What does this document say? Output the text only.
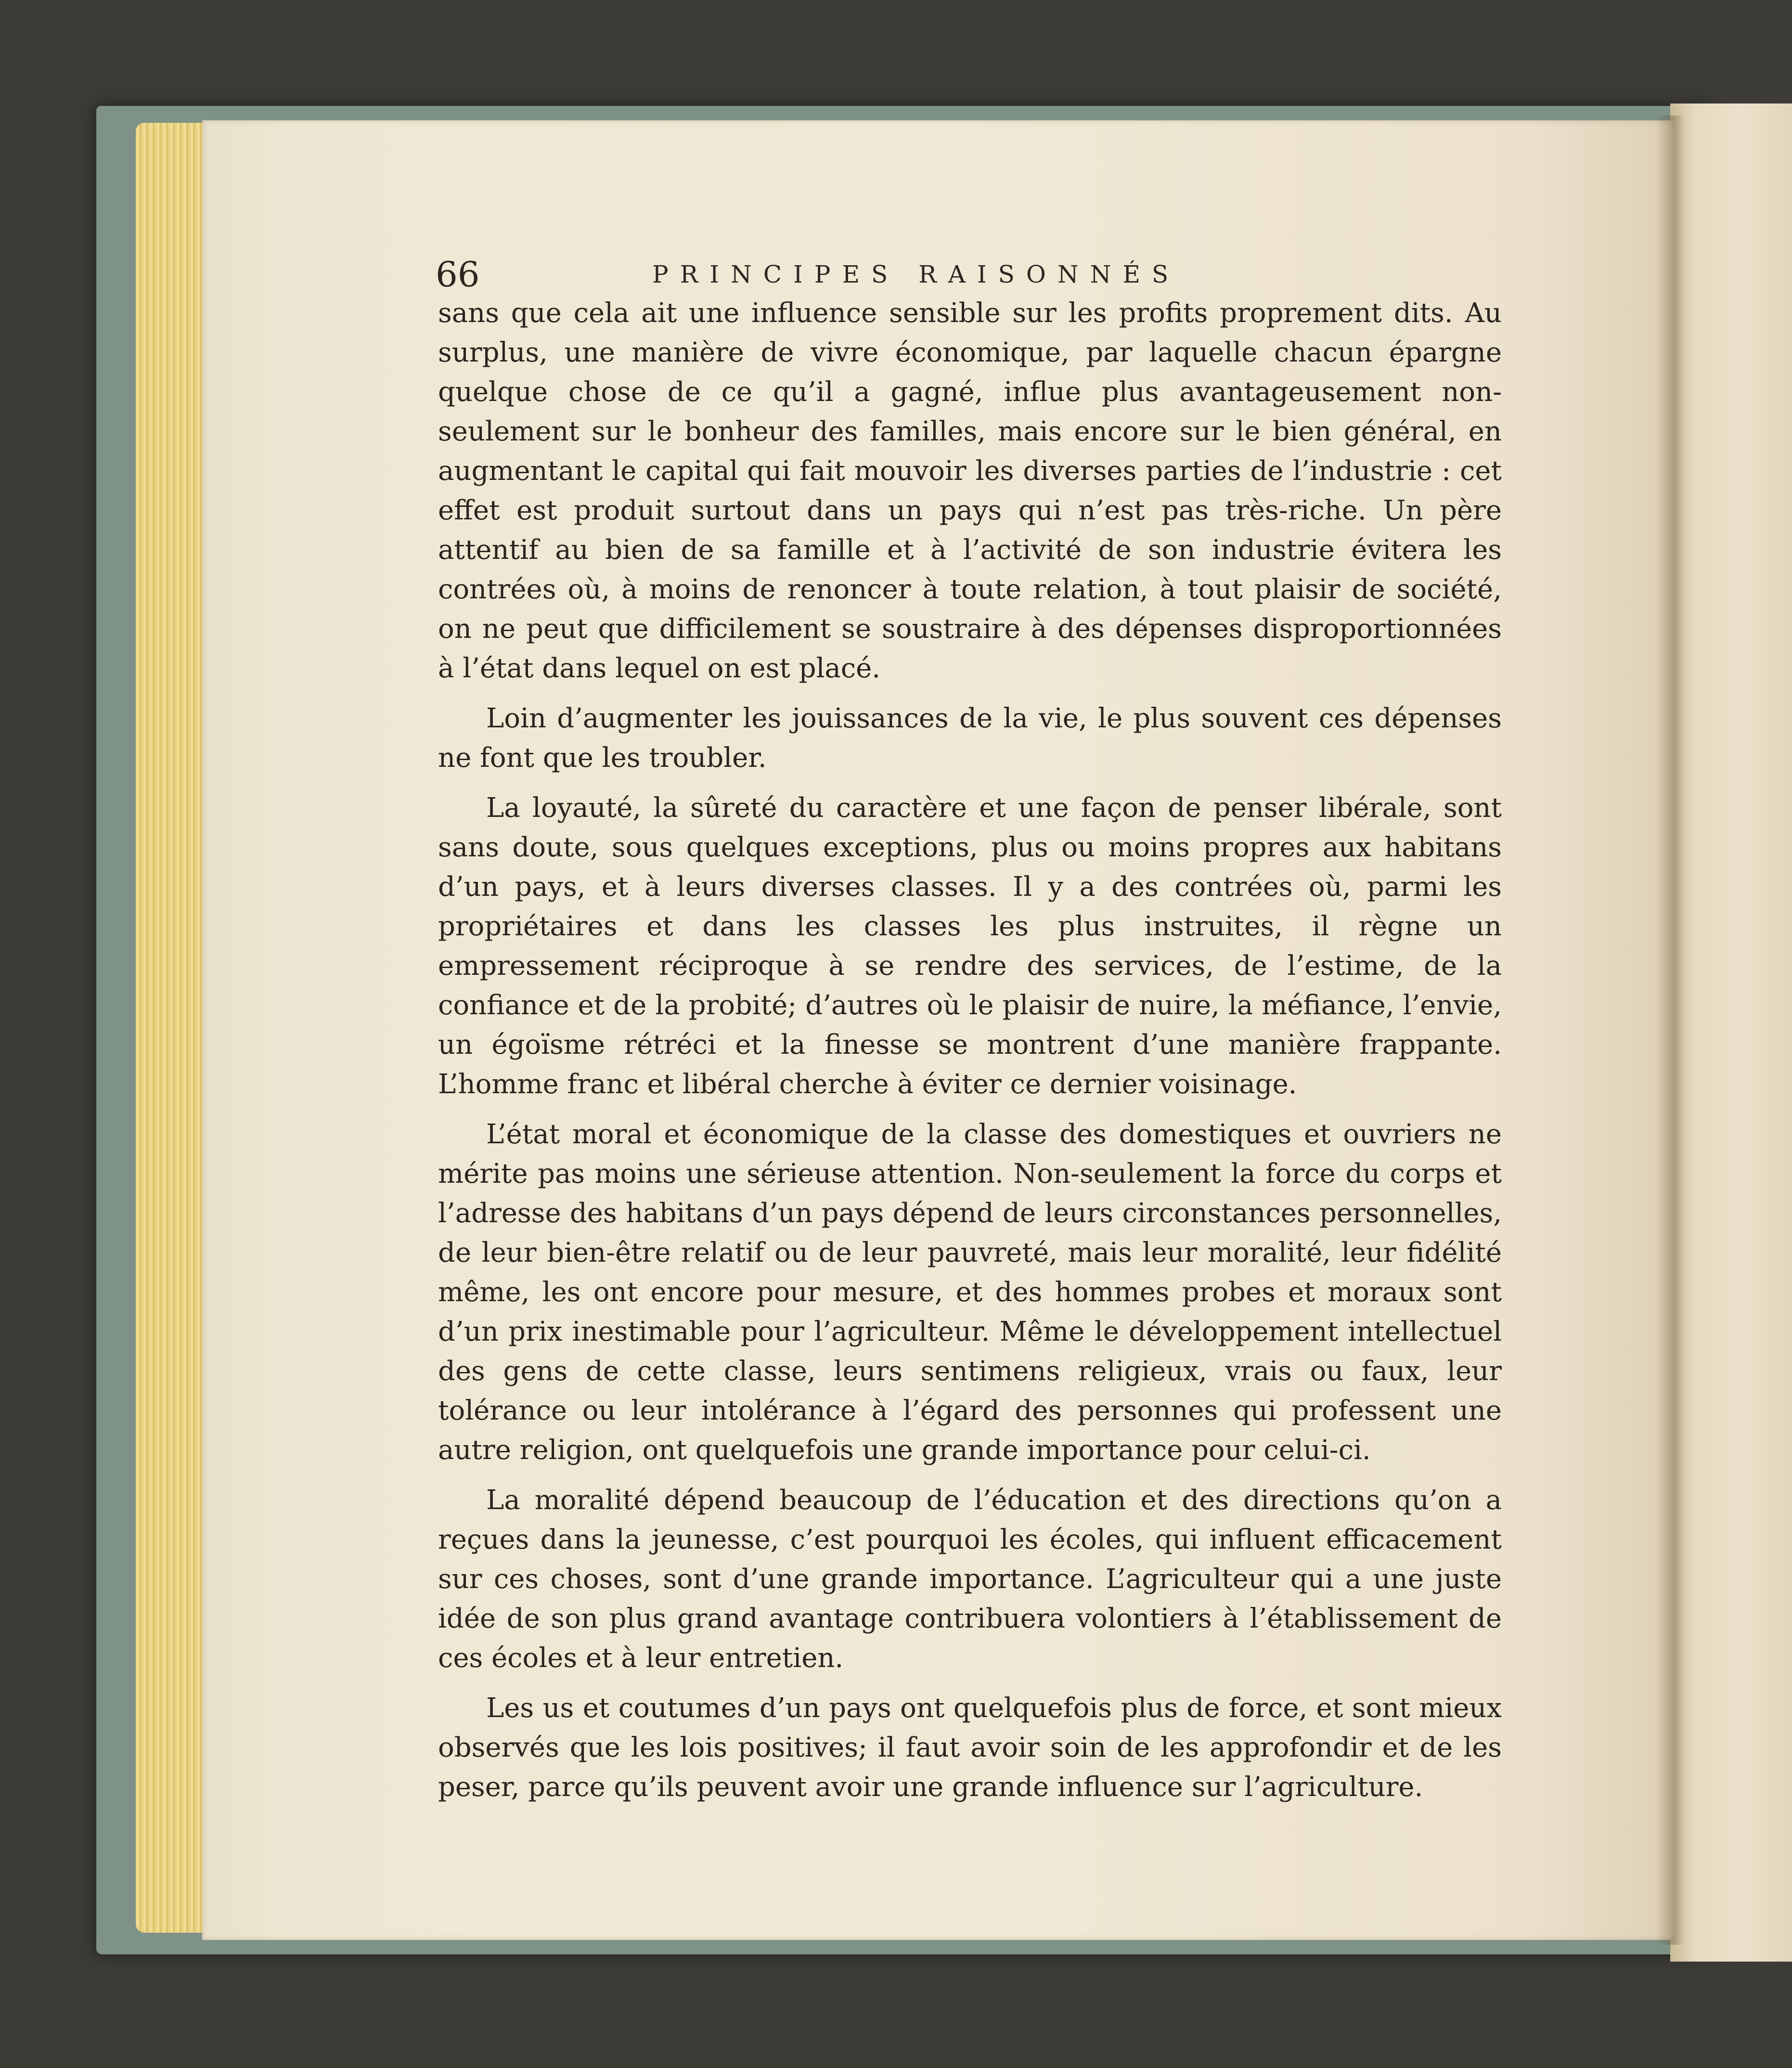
66	PRINCIPES RAISONNÉS

sans que cela ait une influence sensible sur les profits proprement dits. Au surplus, une manière de vivre économique, par laquelle chacun épargne quelque chose de ce qu’il a gagné, influe plus avantageusement non-seulement sur le bonheur des familles, mais encore sur le bien général, en augmentant le capital qui fait mouvoir les diverses parties de l’industrie : cet effet est produit surtout dans un pays qui n’est pas très-riche. Un père attentif au bien de sa famille et à l’activité de son industrie évitera les contrées où, à moins de renoncer à toute relation, à tout plaisir de société, on ne peut que difficilement se soustraire à des dépenses disproportionnées à l’état dans lequel on est placé.

Loin d’augmenter les jouissances de la vie, le plus souvent ces dépenses ne font que les troubler.

La loyauté, la sûreté du caractère et une façon de penser libérale, sont sans doute, sous quelques exceptions, plus ou moins propres aux habitans d’un pays, et à leurs diverses classes. Il y a des contrées où, parmi les propriétaires et dans les classes les plus instruites, il règne un empressement réciproque à se rendre des services, de l’estime, de la confiance et de la probité; d’autres où le plaisir de nuire, la méfiance, l’envie, un égoïsme rétréci et la finesse se montrent d’une manière frappante. L’homme franc et libéral cherche à éviter ce dernier voisinage.

L’état moral et économique de la classe des domestiques et ouvriers ne mérite pas moins une sérieuse attention. Non-seulement la force du corps et l’adresse des habitans d’un pays dépend de leurs circonstances personnelles, de leur bien-être relatif ou de leur pauvreté, mais leur moralité, leur fidélité même, les ont encore pour mesure, et des hommes probes et moraux sont d’un prix inestimable pour l’agriculteur. Même le développement intellectuel des gens de cette classe, leurs sentimens religieux, vrais ou faux, leur tolérance ou leur intolérance à l’égard des personnes qui professent une autre religion, ont quelquefois une grande importance pour celui-ci.

La moralité dépend beaucoup de l’éducation et des directions qu’on a reçues dans la jeunesse, c’est pourquoi les écoles, qui influent efficacement sur ces choses, sont d’une grande importance. L’agriculteur qui a une juste idée de son plus grand avantage contribuera volontiers à l’établissement de ces écoles et à leur entretien.

Les us et coutumes d’un pays ont quelquefois plus de force, et sont mieux observés que les lois positives; il faut avoir soin de les approfondir et de les peser, parce qu’ils peuvent avoir une grande influence sur l’agriculture.
